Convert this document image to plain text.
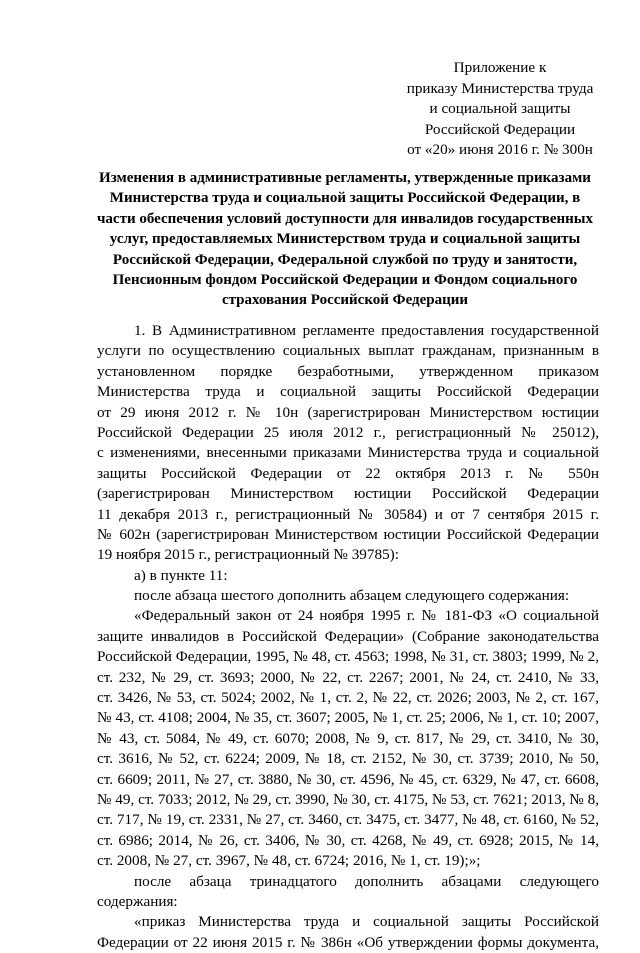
Приложение к
приказу Министерства труда
и социальной защиты
Российской Федерации
от «20» июня 2016 г. № 300н
Изменения в административные регламенты, утвержденные приказами
Министерства труда и социальной защиты Российской Федерации, в
части обеспечения условий доступности для инвалидов государственных
услуг, предоставляемых Министерством труда и социальной защиты
Российской Федерации, Федеральной службой по труду и занятости,
Пенсионным фондом Российской Федерации и Фондом социального
страхования Российской Федерации

1. В Административном регламенте предоставления государственной
услуги по осуществлению социальных выплат гражданам, признанным в
установленном порядке безработными, утвержденном приказом
Министерства труда и социальной защиты Российской Федерации
от 29 июня 2012 г. № 10н (зарегистрирован Министерством юстиции
Российской Федерации 25 июля 2012 г., регистрационный № 25012),
с изменениями, внесенными приказами Министерства труда и социальной
защиты Российской Федерации от 22 октября 2013 г. № 550н
(зарегистрирован Министерством юстиции Российской Федерации
11 декабря 2013 г., регистрационный № 30584) и от 7 сентября 2015 г.
№ 602н (зарегистрирован Министерством юстиции Российской Федерации
19 ноября 2015 г., регистрационный № 39785):

а) в пункте 11:

после абзаца шестого дополнить абзацем следующего содержания:

«Федеральный закон от 24 ноября 1995 г. № 181-ФЗ «О социальной
защите инвалидов в Российской Федерации» (Собрание законодательства
Российской Федерации, 1995, № 48, ст. 4563; 1998, № 31, ст. 3803; 1999, № 2,
ст. 232, № 29, ст. 3693; 2000, № 22, ст. 2267; 2001, № 24, ст. 2410, № 33,
ст. 3426, № 53, ст. 5024; 2002, № 1, ст. 2, № 22, ст. 2026; 2003, № 2, ст. 167,
№ 43, ст. 4108; 2004, № 35, ст. 3607; 2005, № 1, ст. 25; 2006, № 1, ст. 10; 2007,
№ 43, ст. 5084, № 49, ст. 6070; 2008, № 9, ст. 817, № 29, ст. 3410, № 30,
ст. 3616, № 52, ст. 6224; 2009, № 18, ст. 2152, № 30, ст. 3739; 2010, № 50,
ст. 6609; 2011, № 27, ст. 3880, № 30, ст. 4596, № 45, ст. 6329, № 47, ст. 6608,
№ 49, ст. 7033; 2012, № 29, ст. 3990, № 30, ст. 4175, № 53, ст. 7621; 2013, № 8,
ст. 717, № 19, ст. 2331, № 27, ст. 3460, ст. 3475, ст. 3477, № 48, ст. 6160, № 52,
ст. 6986; 2014, № 26, ст. 3406, № 30, ст. 4268, № 49, ст. 6928; 2015, № 14,
ст. 2008, № 27, ст. 3967, № 48, ст. 6724; 2016, № 1, ст. 19);»;

после абзаца тринадцатого дополнить абзацами следующего
содержания:

«приказ Министерства труда и социальной защиты Российской
Федерации от 22 июня 2015 г. № 386н «Об утверждении формы документа,
